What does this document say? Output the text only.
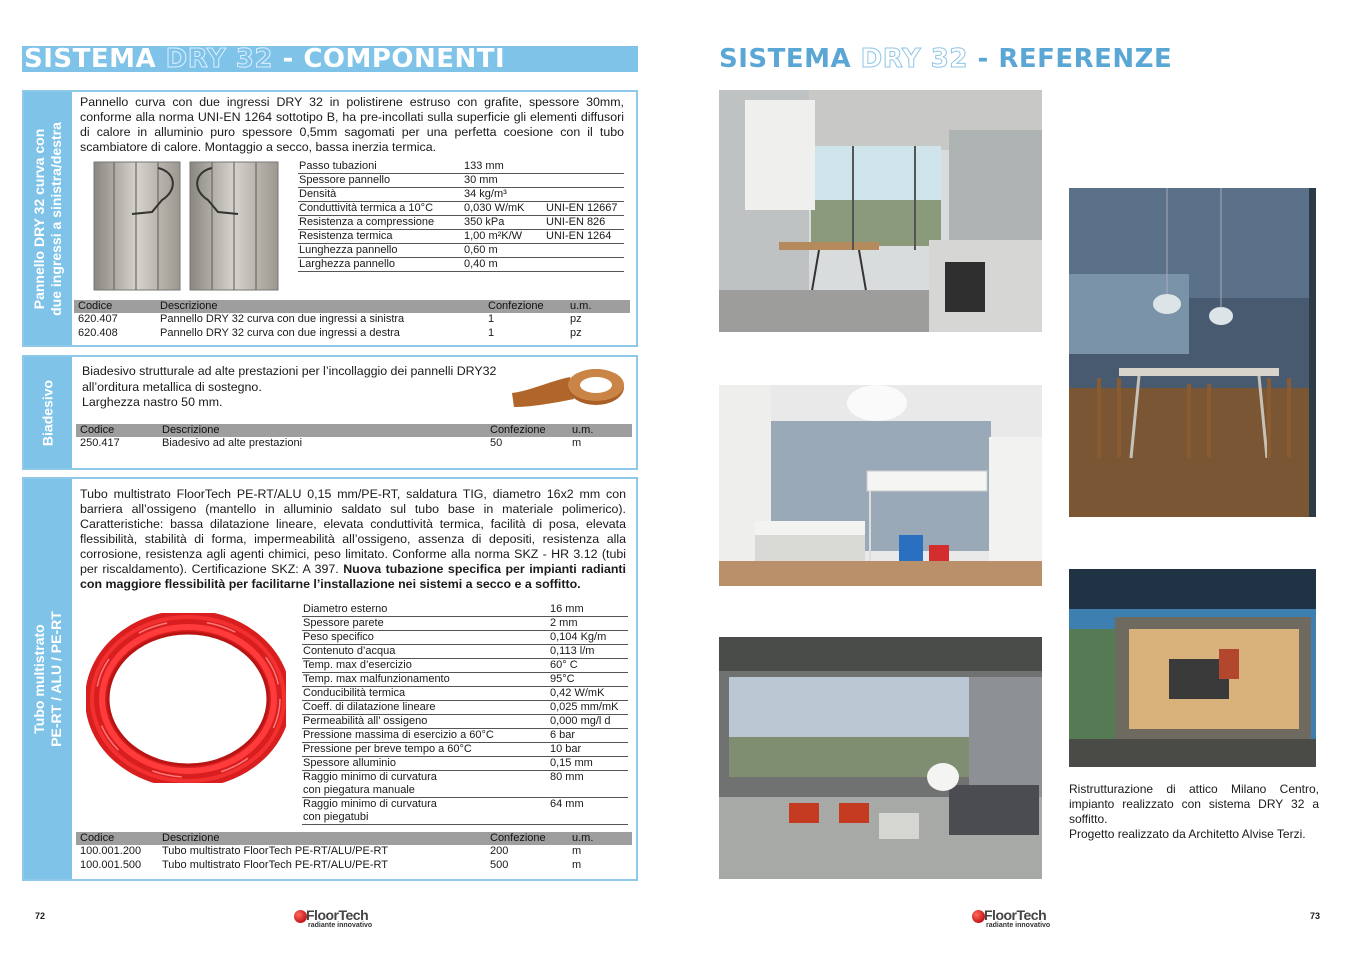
SISTEMA DRY 32 - COMPONENTI
Pannello DRY 32 curva con due ingressi a sinistra/destra
Pannello curva con due ingressi DRY 32 in polistirene estruso con grafite, spessore 30mm, conforme alla norma UNI-EN 1264 sottotipo B, ha pre-incollati sulla superficie gli elementi diffusori di calore in alluminio puro spessore 0,5mm sagomati per una perfetta coesione con il tubo scambiatore di calore. Montaggio a secco, bassa inerzia termica.
Passo tubazioni	133 mm	
Spessore pannello	30 mm	
Densità	34 kg/m³	
Conduttività termica a 10°C	0,030 W/mK	UNI-EN 12667
Resistenza a compressione	350 kPa	UNI-EN 826
Resistenza termica	1,00 m²K/W	UNI-EN 1264
Lunghezza pannello	0,60 m	
Larghezza pannello	0,40 m	
Codice	Descrizione	Confezione	u.m.
620.407	Pannello DRY 32 curva con due ingressi a sinistra	1	pz
620.408	Pannello DRY 32 curva con due ingressi a destra	1	pz
Biadesivo
Biadesivo strutturale ad alte prestazioni per l’incollaggio dei pannelli DRY32
all’orditura metallica di sostegno.
Larghezza nastro 50 mm.
Codice	Descrizione	Confezione	u.m.
250.417	Biadesivo ad alte prestazioni	50	m
Tubo multistrato PE-RT / ALU / PE-RT
Tubo multistrato FloorTech PE-RT/ALU 0,15 mm/PE-RT, saldatura TIG, diametro 16x2 mm con barriera all’ossigeno (mantello in alluminio saldato sul tubo base in materiale polimerico). Caratteristiche: bassa dilatazione lineare, elevata conduttività termica, facilità di posa, elevata flessibilità, stabilità di forma, impermeabilità all’ossigeno, assenza di depositi, resistenza alla corrosione, resistenza agli agenti chimici, peso limitato. Conforme alla norma SKZ - HR 3.12 (tubi per riscaldamento). Certificazione SKZ: A 397. Nuova tubazione specifica per impianti radianti con maggiore flessibilità per facilitarne l’installazione nei sistemi a secco e a soffitto.
Diametro esterno	16 mm

Spessore parete	2 mm

Peso specifico	0,104 Kg/m

Contenuto d’acqua	0,113 l/m

Temp. max d’esercizio	60° C

Temp. max malfunzionamento	95°C

Conducibilità termica	0,42 W/mK

Coeff. di dilatazione lineare	0,025 mm/mK

Permeabilità all’ ossigeno	0,000 mg/l d

Pressione massima di esercizio a 60°C	6 bar

Pressione per breve tempo a 60°C	10 bar

Spessore alluminio	0,15 mm

Raggio minimo di curvatura
con piegatura manuale	80 mm

Raggio minimo di curvatura
con piegatubi	64 mm
Codice	Descrizione	Confezione	u.m.
100.001.200	Tubo multistrato FloorTech PE-RT/ALU/PE-RT	200	m
100.001.500	Tubo multistrato FloorTech PE-RT/ALU/PE-RT	500	m
72	FloorTech
radiante innovativo
SISTEMA DRY 32 - REFERENZE
Ristrutturazione di attico Milano Centro, impianto realizzato con sistema DRY 32 a soffitto.
Progetto realizzato da Architetto Alvise Terzi.
FloorTech
radiante innovativo
73
